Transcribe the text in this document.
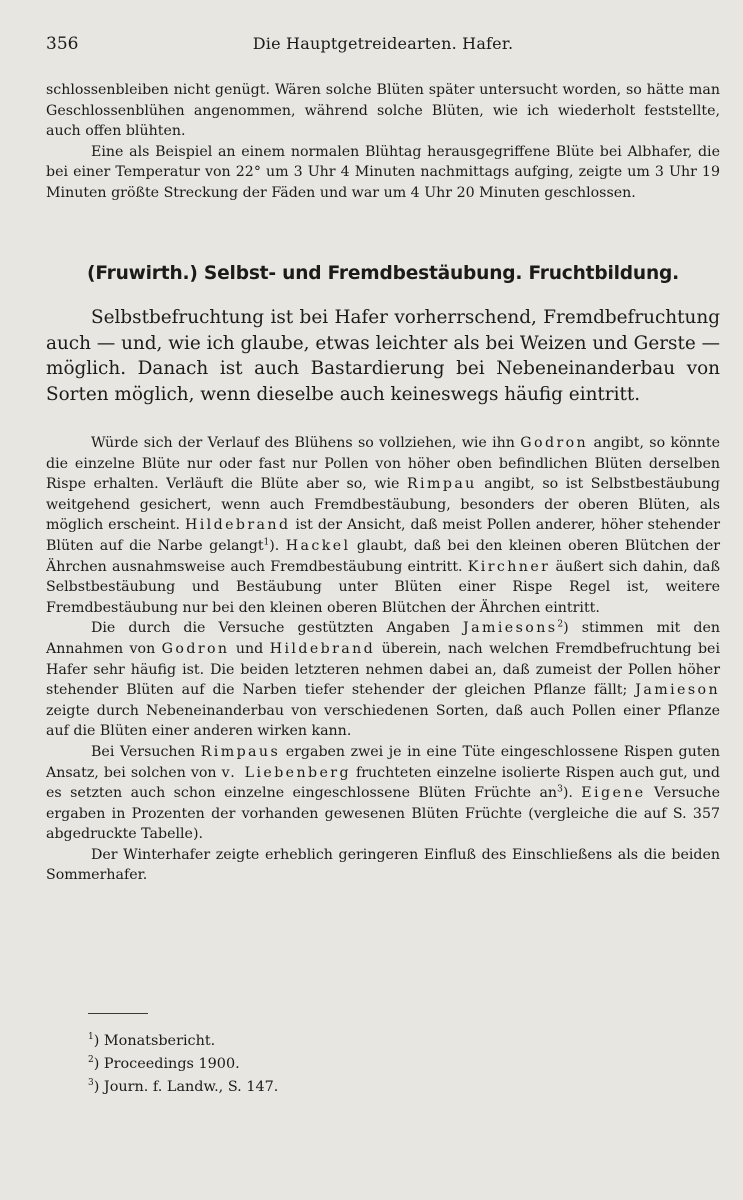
356	Die Hauptgetreidearten. Hafer.

schlossenbleiben nicht genügt. Wären solche Blüten später untersucht worden, so hätte man Geschlossenblühen angenommen, während solche Blüten, wie ich wiederholt feststellte, auch offen blühten.

Eine als Beispiel an einem normalen Blühtag herausgegriffene Blüte bei Albhafer, die bei einer Temperatur von 22° um 3 Uhr 4 Minuten nachmittags aufging, zeigte um 3 Uhr 19 Minuten größte Streckung der Fäden und war um 4 Uhr 20 Minuten geschlossen.

(Fruwirth.) Selbst- und Fremdbestäubung. Fruchtbildung.

Selbstbefruchtung ist bei Hafer vorherrschend, Fremdbefruchtung auch — und, wie ich glaube, etwas leichter als bei Weizen und Gerste — möglich. Danach ist auch Bastardierung bei Nebeneinanderbau von Sorten möglich, wenn dieselbe auch keineswegs häufig eintritt.

Würde sich der Verlauf des Blühens so vollziehen, wie ihn Godron angibt, so könnte die einzelne Blüte nur oder fast nur Pollen von höher oben befindlichen Blüten derselben Rispe erhalten. Verläuft die Blüte aber so, wie Rimpau angibt, so ist Selbstbestäubung weitgehend gesichert, wenn auch Fremdbestäubung, besonders der oberen Blüten, als möglich erscheint. Hildebrand ist der Ansicht, daß meist Pollen anderer, höher stehender Blüten auf die Narbe gelangt$^1$). Hackel glaubt, daß bei den kleinen oberen Blütchen der Ährchen ausnahmsweise auch Fremdbestäubung eintritt. Kirchner äußert sich dahin, daß Selbstbestäubung und Bestäubung unter Blüten einer Rispe Regel ist, weitere Fremdbestäubung nur bei den kleinen oberen Blütchen der Ährchen eintritt.

Die durch die Versuche gestützten Angaben Jamiesons$^2$) stimmen mit den Annahmen von Godron und Hildebrand überein, nach welchen Fremdbefruchtung bei Hafer sehr häufig ist. Die beiden letzteren nehmen dabei an, daß zumeist der Pollen höher stehender Blüten auf die Narben tiefer stehender der gleichen Pflanze fällt; Jamieson zeigte durch Nebeneinanderbau von verschiedenen Sorten, daß auch Pollen einer Pflanze auf die Blüten einer anderen wirken kann.

Bei Versuchen Rimpaus ergaben zwei je in eine Tüte eingeschlossene Rispen guten Ansatz, bei solchen von v. Liebenberg fruchteten einzelne isolierte Rispen auch gut, und es setzten auch schon einzelne eingeschlossene Blüten Früchte $an^3$). Eigene Versuche ergaben in Prozenten der vorhanden gewesenen Blüten Früchte (vergleiche die auf S. 357 abgedruckte Tabelle).

Der Winterhafer zeigte erheblich geringeren Einfluß des Einschließens als die beiden Sommerhafer.

$^1$) Monatsbericht.
$^2$) Proceedings 1900.
$^3$) Journ. f. Landw., S. 147.
